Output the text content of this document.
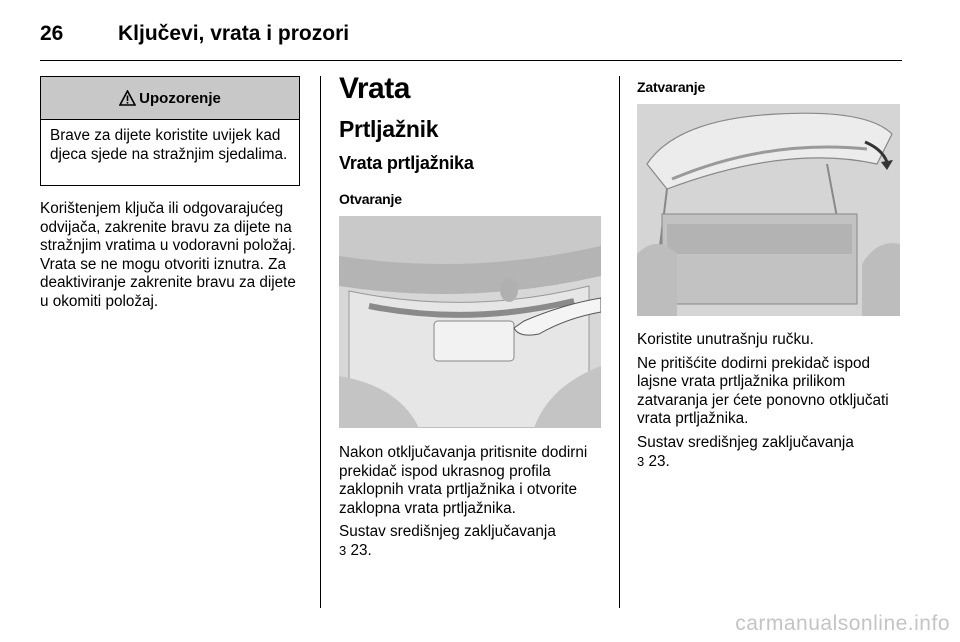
26	Ključevi, vrata i prozori
Upozorenje
Brave za dijete koristite uvijek kad djeca sjede na stražnjim sjedalima.

Korištenjem ključa ili odgovarajućeg odvijača, zakrenite bravu za dijete na stražnjim vratima u vodoravni položaj. Vrata se ne mogu otvoriti iznutra. Za deaktiviranje zakrenite bravu za dijete u okomiti položaj.

Vrata
Prtljažnik
Vrata prtljažnika
Otvaranje

Nakon otključavanja pritisnite dodirni prekidač ispod ukrasnog profila zaklopnih vrata prtljažnika i otvorite zaklopna vrata prtljažnika.

Sustav središnjeg zaključavanja
3 23.

Zatvaranje

Koristite unutrašnju ručku.

Ne pritišćite dodirni prekidač ispod lajsne vrata prtljažnika prilikom zatvaranja jer ćete ponovno otključati vrata prtljažnika.

Sustav središnjeg zaključavanja
3 23.

carmanualsonline.info
